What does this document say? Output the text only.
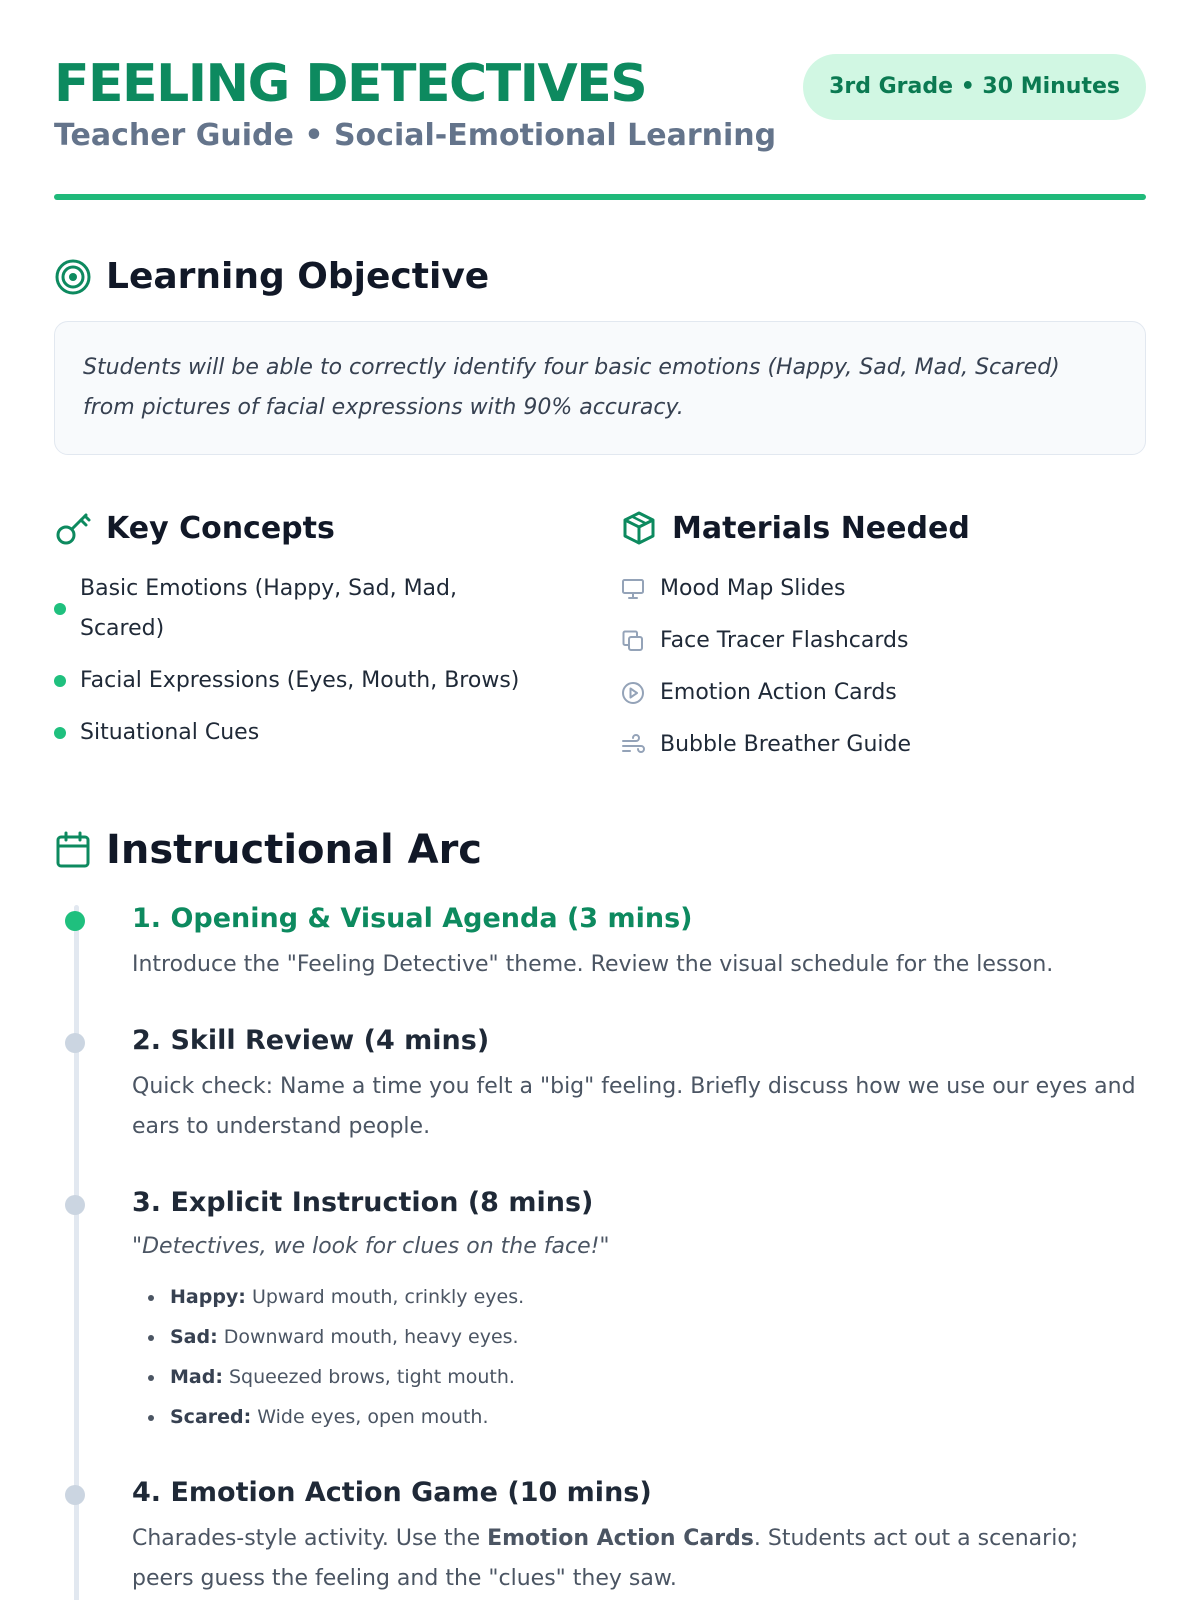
FEELING DETECTIVES
Teacher Guide • Social-Emotional Learning
3rd Grade • 30 Minutes
Learning Objective
Students will be able to correctly identify four basic emotions (Happy, Sad, Mad, Scared) from pictures of facial expressions with 90% accuracy.
Key Concepts
Basic Emotions (Happy, Sad, Mad, Scared)
Facial Expressions (Eyes, Mouth, Brows)
Situational Cues
Materials Needed
Mood Map Slides
Face Tracer Flashcards
Emotion Action Cards
Bubble Breather Guide
Instructional Arc
1. Opening & Visual Agenda (3 mins)
Introduce the "Feeling Detective" theme. Review the visual schedule for the lesson.
2. Skill Review (4 mins)
Quick check: Name a time you felt a "big" feeling. Briefly discuss how we use our eyes and ears to understand people.
3. Explicit Instruction (8 mins)
"Detectives, we look for clues on the face!"
• Happy: Upward mouth, crinkly eyes.
• Sad: Downward mouth, heavy eyes.
• Mad: Squeezed brows, tight mouth.
• Scared: Wide eyes, open mouth.
4. Emotion Action Game (10 mins)
Charades-style activity. Use the Emotion Action Cards. Students act out a scenario; peers guess the feeling and the "clues" they saw.
